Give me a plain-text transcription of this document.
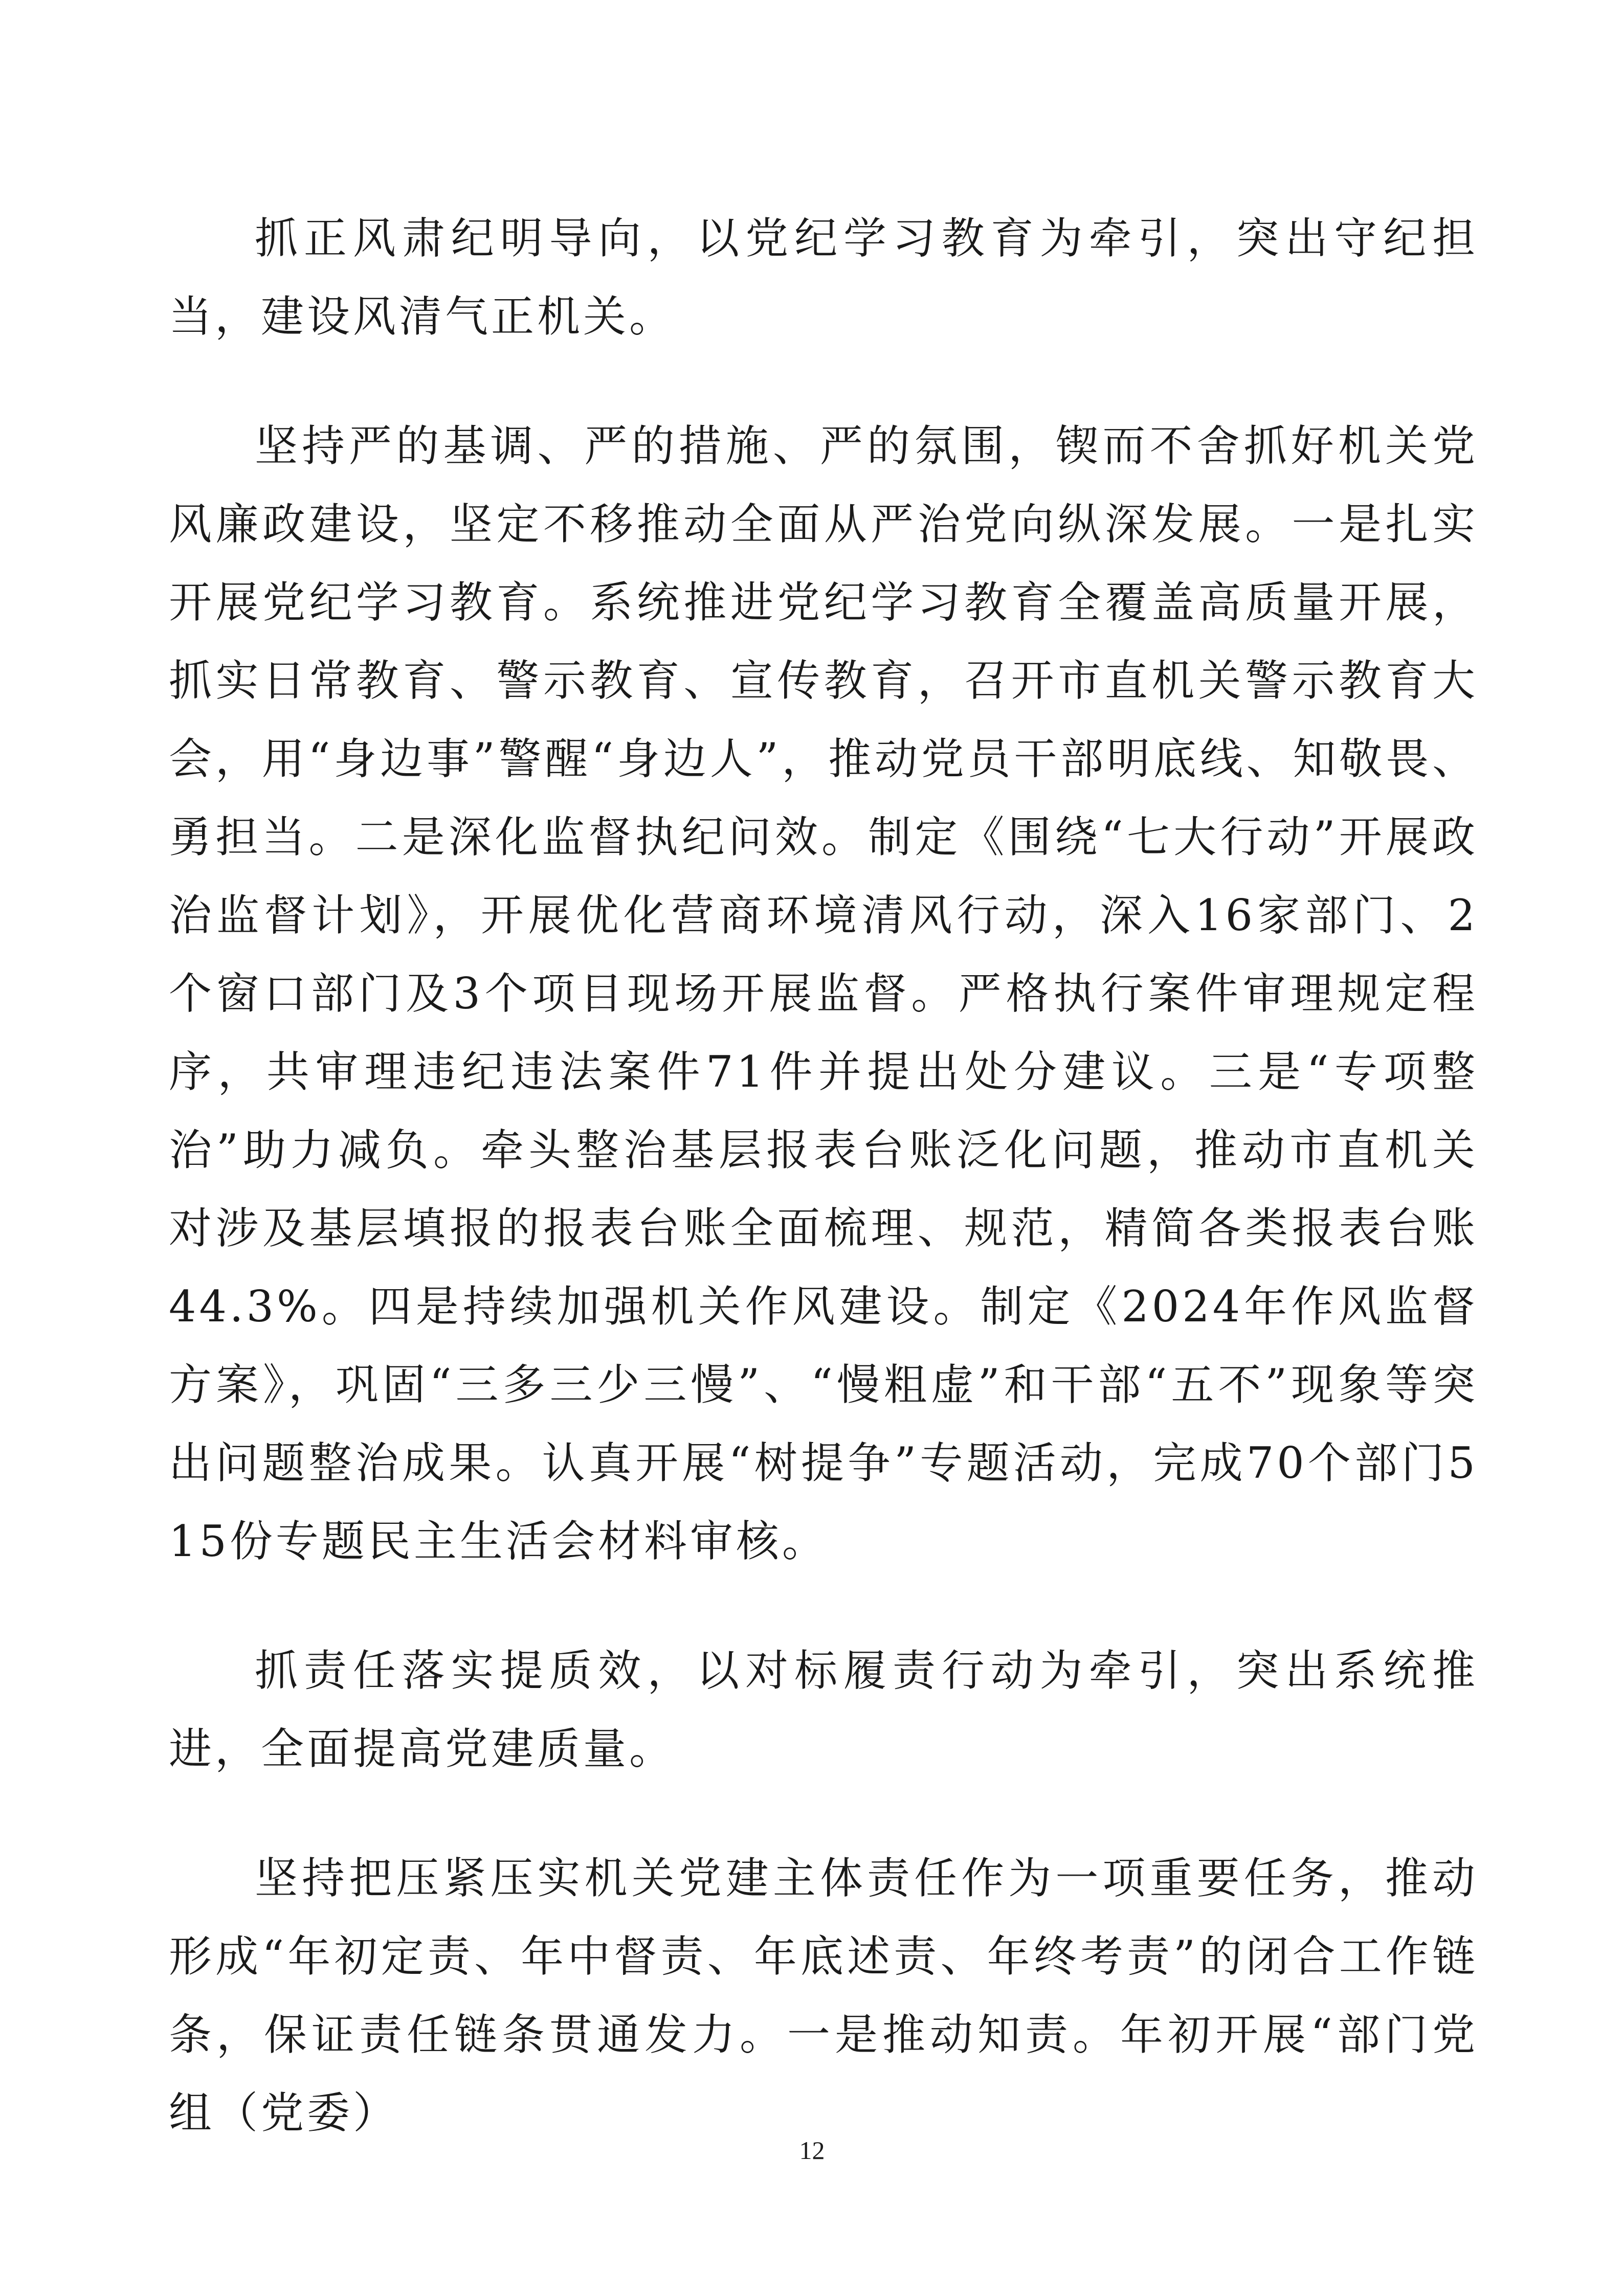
抓正风肃纪明导向，以党纪学习教育为牵引，突出守纪担当，建设风清气正机关。

坚持严的基调、严的措施、严的氛围，锲而不舍抓好机关党风廉政建设，坚定不移推动全面从严治党向纵深发展。一是扎实开展党纪学习教育。系统推进党纪学习教育全覆盖高质量开展，抓实日常教育、警示教育、宣传教育，召开市直机关警示教育大会，用“身边事”警醒“身边人”，推动党员干部明底线、知敬畏、勇担当。二是深化监督执纪问效。制定《围绕“七大行动”开展政治监督计划》，开展优化营商环境清风行动，深入16家部门、2个窗口部门及3个项目现场开展监督。严格执行案件审理规定程序，共审理违纪违法案件71件并提出处分建议。三是“专项整治”助力减负。牵头整治基层报表台账泛化问题，推动市直机关对涉及基层填报的报表台账全面梳理、规范，精简各类报表台账44.3%。四是持续加强机关作风建设。制定《2024年作风监督方案》，巩固“三多三少三慢”、“慢粗虚”和干部“五不”现象等突出问题整治成果。认真开展“树提争”专题活动，完成70个部门515份专题民主生活会材料审核。

抓责任落实提质效，以对标履责行动为牵引，突出系统推进，全面提高党建质量。

坚持把压紧压实机关党建主体责任作为一项重要任务，推动形成“年初定责、年中督责、年底述责、年终考责”的闭合工作链条，保证责任链条贯通发力。一是推动知责。年初开展“部门党组（党委）

12
